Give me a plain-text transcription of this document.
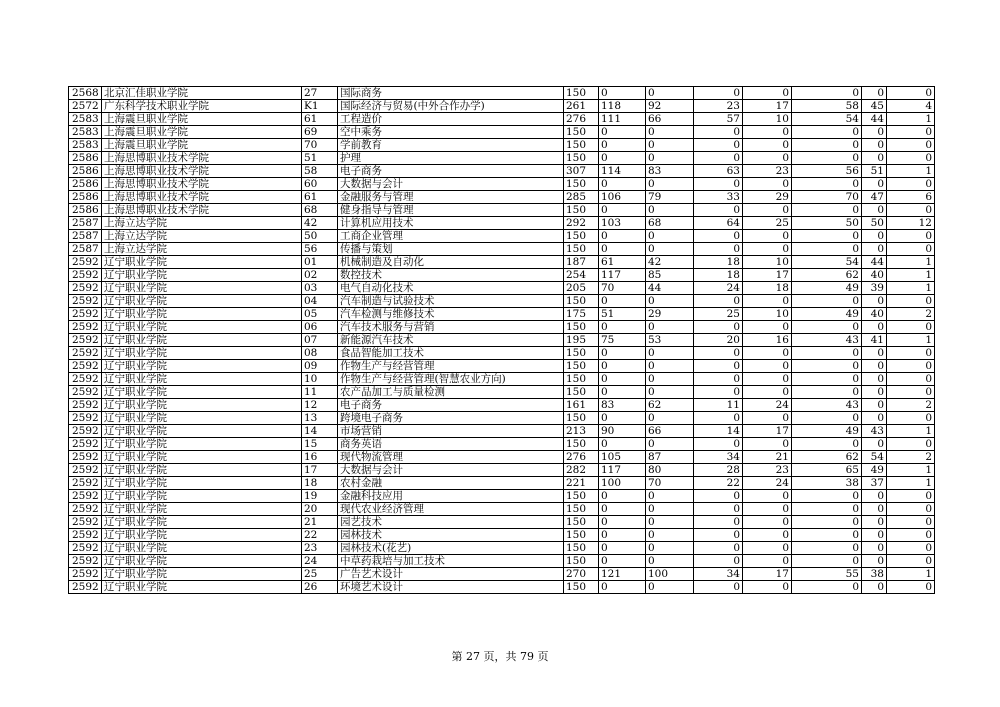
2568	北京汇佳职业学院	27	国际商务	150	0	0	0	0	0	0	0
2572	广东科学技术职业学院	K1	国际经济与贸易(中外合作办学)	261	118	92	23	17	58	45	4
2583	上海震旦职业学院	61	工程造价	276	111	66	57	10	54	44	1
2583	上海震旦职业学院	69	空中乘务	150	0	0	0	0	0	0	0
2583	上海震旦职业学院	70	学前教育	150	0	0	0	0	0	0	0
2586	上海思博职业技术学院	51	护理	150	0	0	0	0	0	0	0
2586	上海思博职业技术学院	58	电子商务	307	114	83	63	23	56	51	1
2586	上海思博职业技术学院	60	大数据与会计	150	0	0	0	0	0	0	0
2586	上海思博职业技术学院	61	金融服务与管理	285	106	79	33	29	70	47	6
2586	上海思博职业技术学院	68	健身指导与管理	150	0	0	0	0	0	0	0
2587	上海立达学院	42	计算机应用技术	292	103	68	64	25	50	50	12
2587	上海立达学院	50	工商企业管理	150	0	0	0	0	0	0	0
2587	上海立达学院	56	传播与策划	150	0	0	0	0	0	0	0
2592	辽宁职业学院	01	机械制造及自动化	187	61	42	18	10	54	44	1
2592	辽宁职业学院	02	数控技术	254	117	85	18	17	62	40	1
2592	辽宁职业学院	03	电气自动化技术	205	70	44	24	18	49	39	1
2592	辽宁职业学院	04	汽车制造与试验技术	150	0	0	0	0	0	0	0
2592	辽宁职业学院	05	汽车检测与维修技术	175	51	29	25	10	49	40	2
2592	辽宁职业学院	06	汽车技术服务与营销	150	0	0	0	0	0	0	0
2592	辽宁职业学院	07	新能源汽车技术	195	75	53	20	16	43	41	1
2592	辽宁职业学院	08	食品智能加工技术	150	0	0	0	0	0	0	0
2592	辽宁职业学院	09	作物生产与经营管理	150	0	0	0	0	0	0	0
2592	辽宁职业学院	10	作物生产与经营管理(智慧农业方向)	150	0	0	0	0	0	0	0
2592	辽宁职业学院	11	农产品加工与质量检测	150	0	0	0	0	0	0	0
2592	辽宁职业学院	12	电子商务	161	83	62	11	24	43	0	2
2592	辽宁职业学院	13	跨境电子商务	150	0	0	0	0	0	0	0
2592	辽宁职业学院	14	市场营销	213	90	66	14	17	49	43	1
2592	辽宁职业学院	15	商务英语	150	0	0	0	0	0	0	0
2592	辽宁职业学院	16	现代物流管理	276	105	87	34	21	62	54	2
2592	辽宁职业学院	17	大数据与会计	282	117	80	28	23	65	49	1
2592	辽宁职业学院	18	农村金融	221	100	70	22	24	38	37	1
2592	辽宁职业学院	19	金融科技应用	150	0	0	0	0	0	0	0
2592	辽宁职业学院	20	现代农业经济管理	150	0	0	0	0	0	0	0
2592	辽宁职业学院	21	园艺技术	150	0	0	0	0	0	0	0
2592	辽宁职业学院	22	园林技术	150	0	0	0	0	0	0	0
2592	辽宁职业学院	23	园林技术(花艺)	150	0	0	0	0	0	0	0
2592	辽宁职业学院	24	中草药栽培与加工技术	150	0	0	0	0	0	0	0
2592	辽宁职业学院	25	广告艺术设计	270	121	100	34	17	55	38	1
2592	辽宁职业学院	26	环境艺术设计	150	0	0	0	0	0	0	0
第 27 页，共 79 页
